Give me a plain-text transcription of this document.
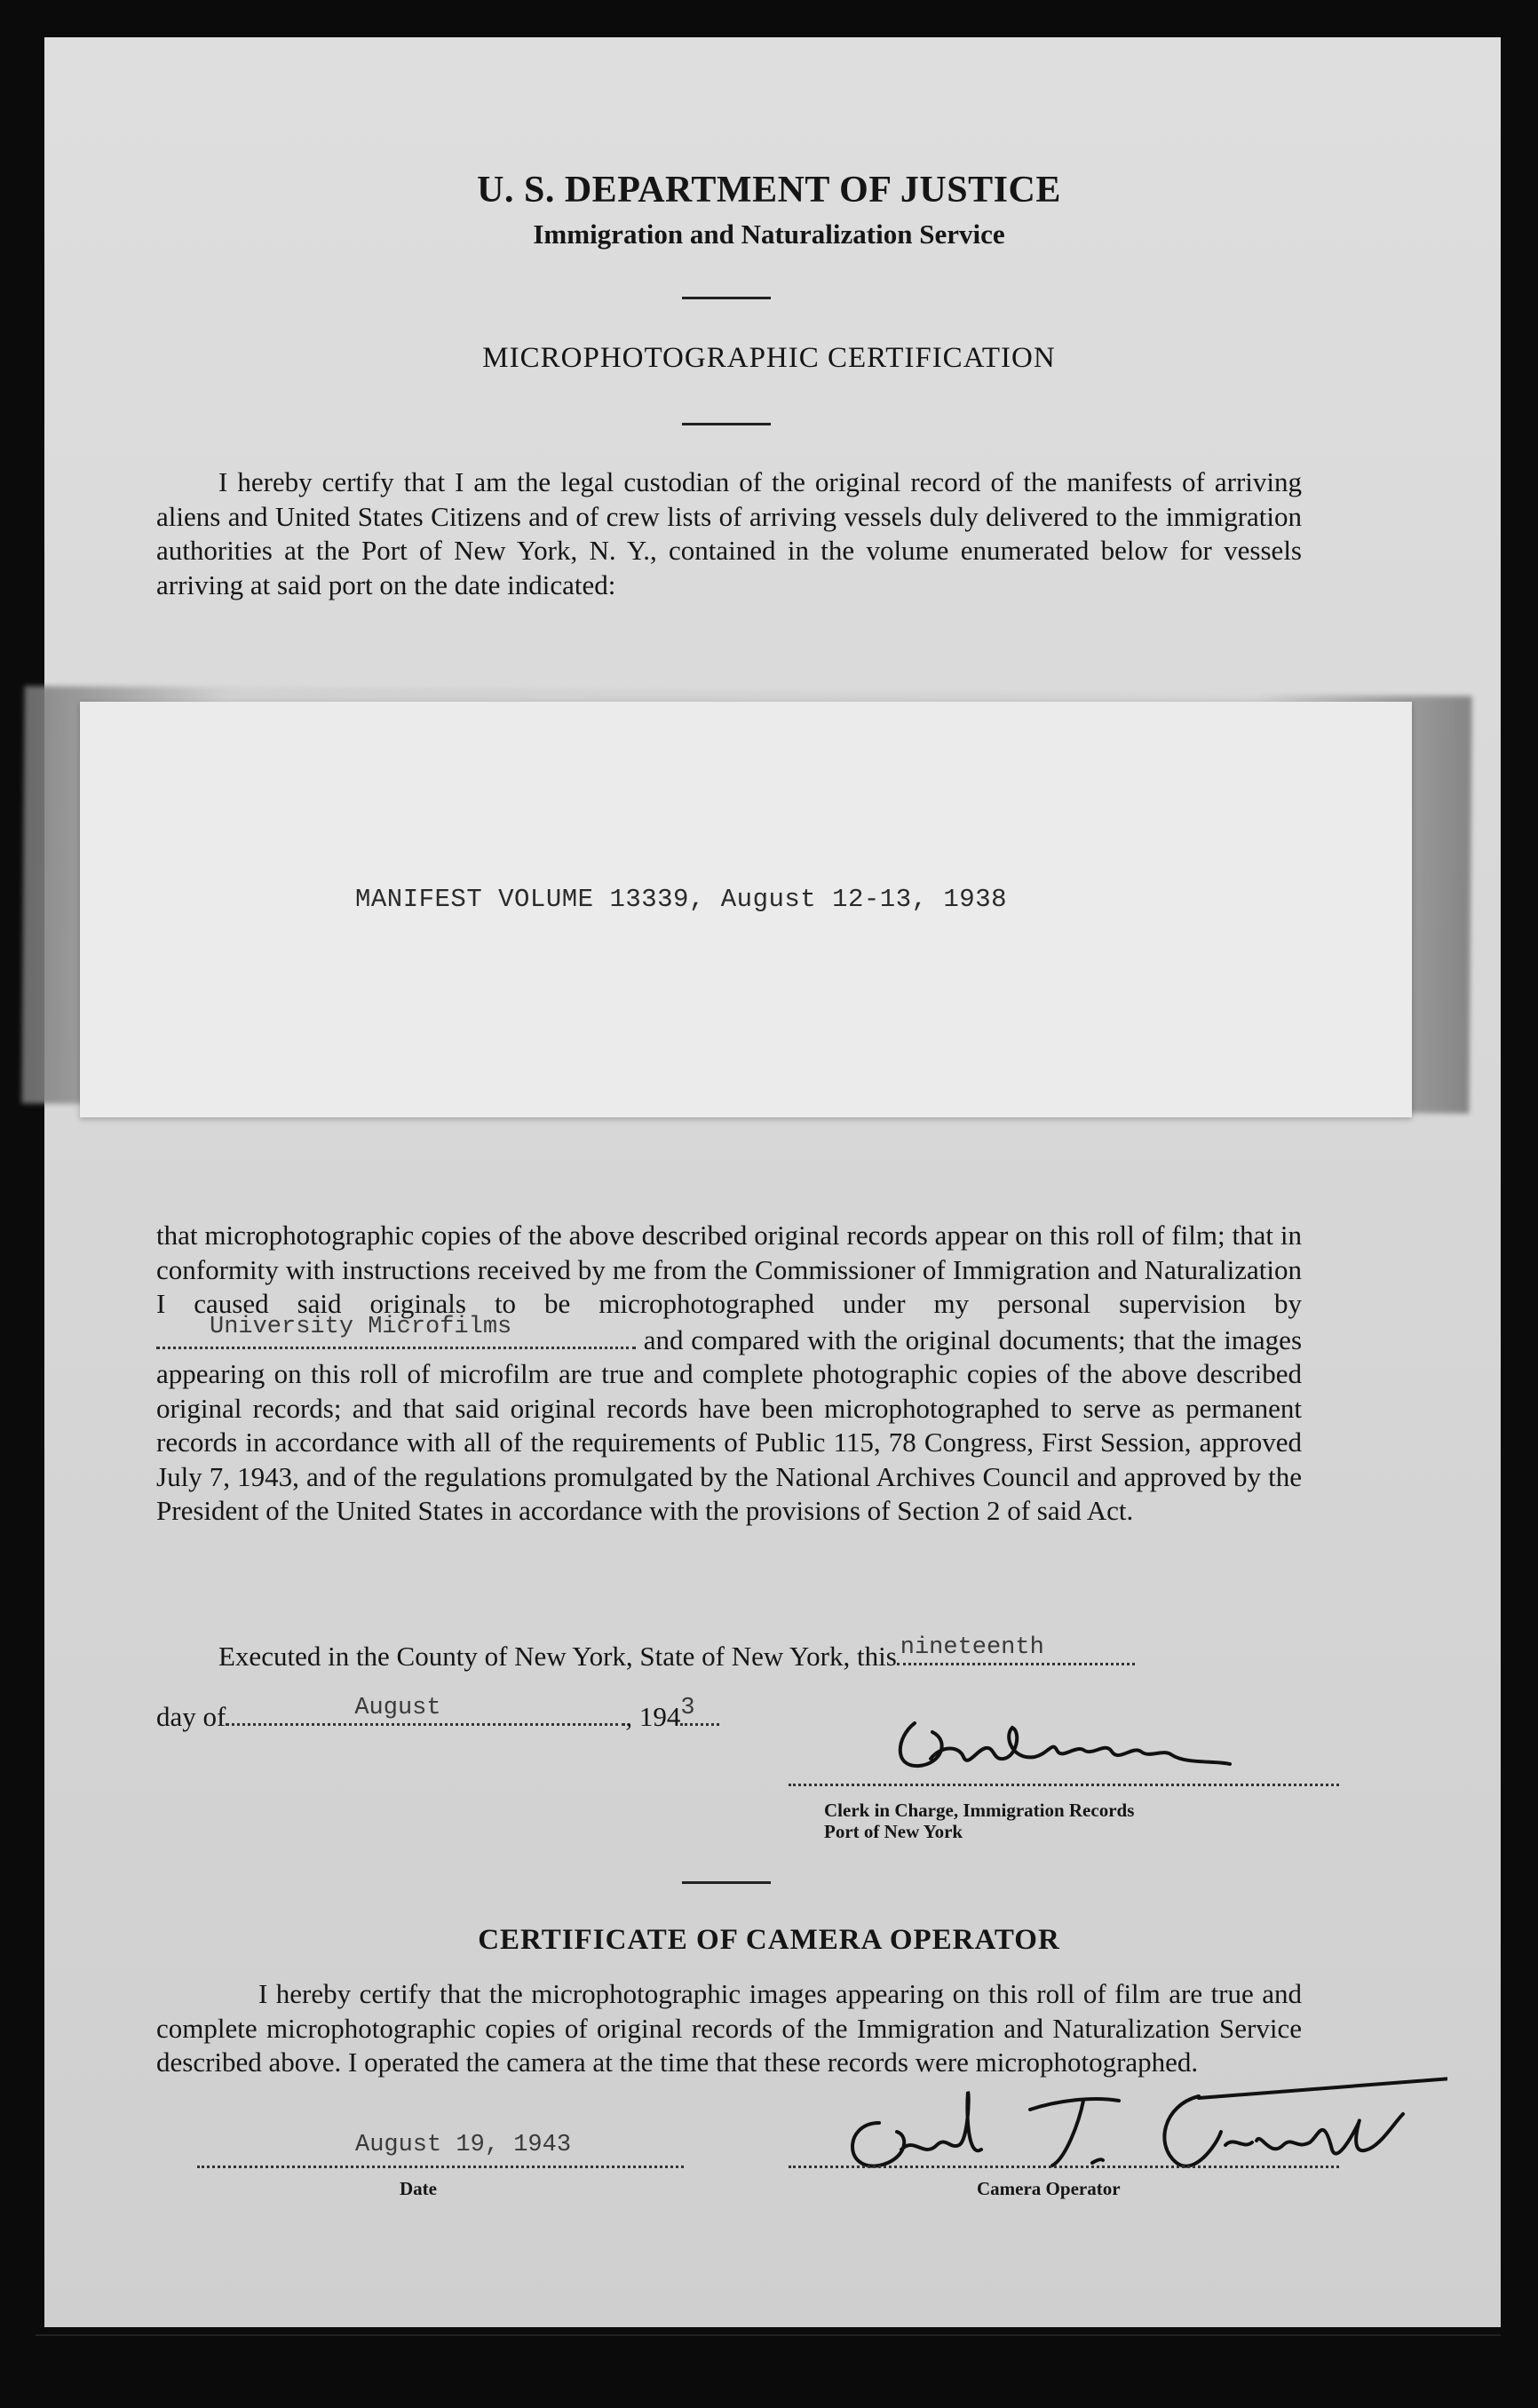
U. S. DEPARTMENT OF JUSTICE
Immigration and Naturalization Service
MICROPHOTOGRAPHIC CERTIFICATION
I hereby certify that I am the legal custodian of the original record of the manifests of arriving aliens and United States Citizens and of crew lists of arriving vessels duly delivered to the immigration authorities at the Port of New York, N. Y., contained in the volume enumerated below for vessels arriving at said port on the date indicated:
MANIFEST VOLUME 13339, August 12-13, 1938
that microphotographic copies of the above described original records appear on this roll of film; that in conformity with instructions received by me from the Commissioner of Immigration and Naturalization I caused said originals to be microphotographed under my personal supervision by
University Microfilms	and compared with the original documents; that the images appearing on this roll of microfilm are true and complete photographic copies of the above described original records; and that said original records have been microphotographed to serve as permanent records in accordance with all of the requirements of Public 115, 78 Congress, First Session, approved July 7, 1943, and of the regulations promulgated by the National Archives Council and approved by the President of the United States in accordance with the provisions of Section 2 of said Act.
Executed in the County of New York, State of New York, this nineteenth
day of	August	, 194 3
Clerk in Charge, Immigration Records
Port of New York
CERTIFICATE OF CAMERA OPERATOR
I hereby certify that the microphotographic images appearing on this roll of film are true and complete microphotographic copies of original records of the Immigration and Naturalization Service described above. I operated the camera at the time that these records were microphotographed.
August 19, 1943
Date	Camera Operator
